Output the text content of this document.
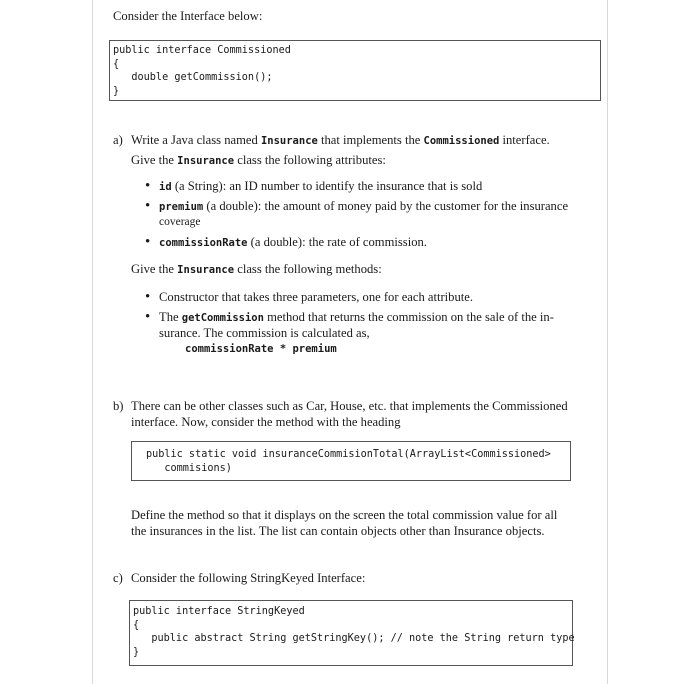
Consider the Interface below:
public interface Commissioned
{
double getCommission();
}
a) Write a Java class named Insurance that implements the Commissioned interface.
Give the Insurance class the following attributes:
• id (a String): an ID number to identify the insurance that is sold
• premium (a double): the amount of money paid by the customer for the insurance
coverage
• commissionRate (a double): the rate of commission.
Give the Insurance class the following methods:
• Constructor that takes three parameters, one for each attribute.
• The getCommission method that returns the commission on the sale of the in-
surance. The commission is calculated as,
commissionRate * premium
b) There can be other classes such as Car, House, etc. that implements the Commissioned
interface. Now, consider the method with the heading
public static void insuranceCommisionTotal(ArrayList<Commissioned>
commisions)
Define the method so that it displays on the screen the total commission value for all
the insurances in the list. The list can contain objects other than Insurance objects.
c) Consider the following StringKeyed Interface:
public interface StringKeyed
{
public abstract String getStringKey(); // note the String return type
}
